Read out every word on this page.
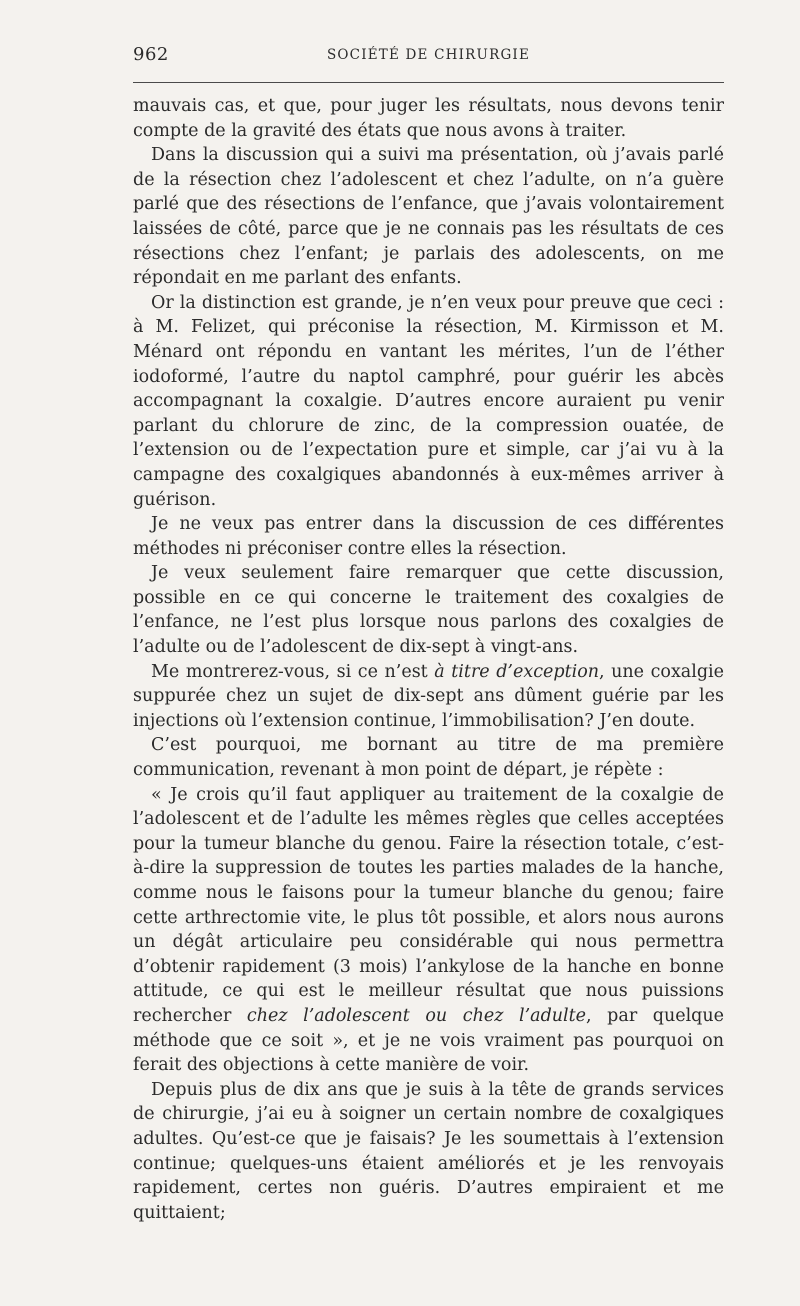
962	SOCIÉTÉ DE CHIRURGIE

mauvais cas, et que, pour juger les résultats, nous devons tenir compte de la gravité des états que nous avons à traiter.

Dans la discussion qui a suivi ma présentation, où j’avais parlé de la résection chez l’adolescent et chez l’adulte, on n’a guère parlé que des résections de l’enfance, que j’avais volontairement laissées de côté, parce que je ne connais pas les résultats de ces résections chez l’enfant; je parlais des adolescents, on me répondait en me parlant des enfants.

Or la distinction est grande, je n’en veux pour preuve que ceci : à M. Felizet, qui préconise la résection, M. Kirmisson et M. Ménard ont répondu en vantant les mérites, l’un de l’éther iodoformé, l’autre du naptol camphré, pour guérir les abcès accompagnant la coxalgie. D’autres encore auraient pu venir parlant du chlorure de zinc, de la compression ouatée, de l’extension ou de l’expectation pure et simple, car j’ai vu à la campagne des coxalgiques abandonnés à eux-mêmes arriver à guérison.

Je ne veux pas entrer dans la discussion de ces différentes méthodes ni préconiser contre elles la résection.

Je veux seulement faire remarquer que cette discussion, possible en ce qui concerne le traitement des coxalgies de l’enfance, ne l’est plus lorsque nous parlons des coxalgies de l’adulte ou de l’adolescent de dix-sept à vingt-ans.

Me montrerez-vous, si ce n’est à titre d’exception, une coxalgie suppurée chez un sujet de dix-sept ans dûment guérie par les injections où l’extension continue, l’immobilisation? J’en doute.

C’est pourquoi, me bornant au titre de ma première communication, revenant à mon point de départ, je répète :

« Je crois qu’il faut appliquer au traitement de la coxalgie de l’adolescent et de l’adulte les mêmes règles que celles acceptées pour la tumeur blanche du genou. Faire la résection totale, c’est-à-dire la suppression de toutes les parties malades de la hanche, comme nous le faisons pour la tumeur blanche du genou; faire cette arthrectomie vite, le plus tôt possible, et alors nous aurons un dégât articulaire peu considérable qui nous permettra d’obtenir rapidement (3 mois) l’ankylose de la hanche en bonne attitude, ce qui est le meilleur résultat que nous puissions rechercher chez l’adolescent ou chez l’adulte, par quelque méthode que ce soit », et je ne vois vraiment pas pourquoi on ferait des objections à cette manière de voir.

Depuis plus de dix ans que je suis à la tête de grands services de chirurgie, j’ai eu à soigner un certain nombre de coxalgiques adultes. Qu’est-ce que je faisais? Je les soumettais à l’extension continue; quelques-uns étaient améliorés et je les renvoyais rapidement, certes non guéris. D’autres empiraient et me quittaient;
